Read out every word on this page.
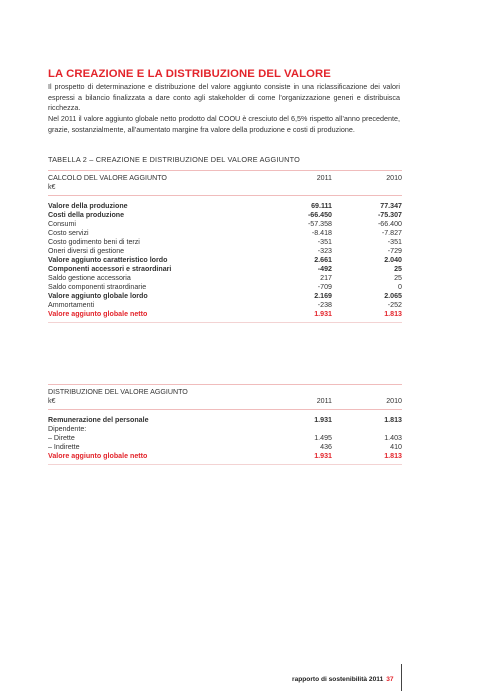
LA CREAZIONE E LA DISTRIBUZIONE DEL VALORE
Il prospetto di determinazione e distribuzione del valore aggiunto consiste in una riclassificazione dei valori espressi a bilancio finalizzata a dare conto agli stakeholder di come l’organizzazione generi e distribuisca ricchezza.
Nel 2011 il valore aggiunto globale netto prodotto dal COOU è cresciuto del 6,5% rispetto all’anno precedente, grazie, sostanzialmente, all’aumentato margine fra valore della produzione e costi di produzione.
TABELLA 2 – CREAZIONE E DISTRIBUZIONE DEL VALORE AGGIUNTO
CALCOLO DEL VALORE AGGIUNTO	2011	2010
k€		

Valore della produzione	69.111	77.347
Costi della produzione	-66.450	-75.307
Consumi	-57.358	-66.400
Costo servizi	-8.418	-7.827
Costo godimento beni di terzi	-351	-351
Oneri diversi di gestione	-323	-729
Valore aggiunto caratteristico lordo	2.661	2.040
Componenti accessori e straordinari	-492	25
Saldo gestione accessoria	217	25
Saldo componenti straordinarie	-709	0
Valore aggiunto globale lordo	2.169	2.065
Ammortamenti	-238	-252
Valore aggiunto globale netto	1.931	1.813
DISTRIBUZIONE DEL VALORE AGGIUNTO		
k€	2011	2010

Remunerazione del personale	1.931	1.813
Dipendente:		
– Dirette	1.495	1.403
– Indirette	436	410
Valore aggiunto globale netto	1.931	1.813
rapporto di sostenibilità 2011 37
